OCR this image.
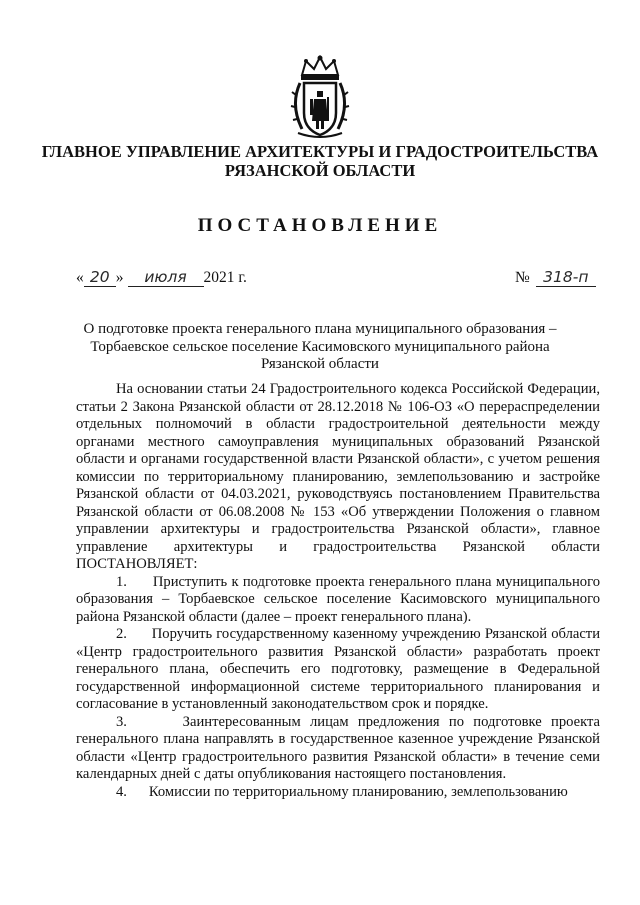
ГЛАВНОЕ УПРАВЛЕНИЕ АРХИТЕКТУРЫ И ГРАДОСТРОИТЕЛЬСТВА
РЯЗАНСКОЙ ОБЛАСТИ
ПОСТАНОВЛЕНИЕ
« 20 » июля 2021 г.	№ 318-п
О подготовке проекта генерального плана муниципального образования –
Торбаевское сельское поселение Касимовского муниципального района
Рязанской области

На основании статьи 24 Градостроительного кодекса Российской Федерации, статьи 2 Закона Рязанской области от 28.12.2018 № 106-ОЗ «О перераспределении отдельных полномочий в области градостроительной деятельности между органами местного самоуправления муниципальных образований Рязанской области и органами государственной власти Рязанской области», с учетом решения комиссии по территориальному планированию, землепользованию и застройке Рязанской области от 04.03.2021, руководствуясь постановлением Правительства Рязанской области от 06.08.2008 № 153 «Об утверждении Положения о главном управлении архитектуры и градостроительства Рязанской области», главное управление архитектуры и градостроительства Рязанской области ПОСТАНОВЛЯЕТ:

1.      Приступить к подготовке проекта генерального плана муниципального образования – Торбаевское сельское поселение Касимовского муниципального района Рязанской области (далее – проект генерального плана).

2.      Поручить государственному казенному учреждению Рязанской области «Центр градостроительного развития Рязанской области» разработать проект генерального плана, обеспечить его подготовку, размещение в Федеральной государственной информационной системе территориального планирования и согласование в установленный законодательством срок и порядке.

3.      Заинтересованным лицам предложения по подготовке проекта генерального плана направлять в государственное казенное учреждение Рязанской области «Центр градостроительного развития Рязанской области» в течение семи календарных дней с даты опубликования настоящего постановления.

4.      Комиссии по территориальному планированию, землепользованию
